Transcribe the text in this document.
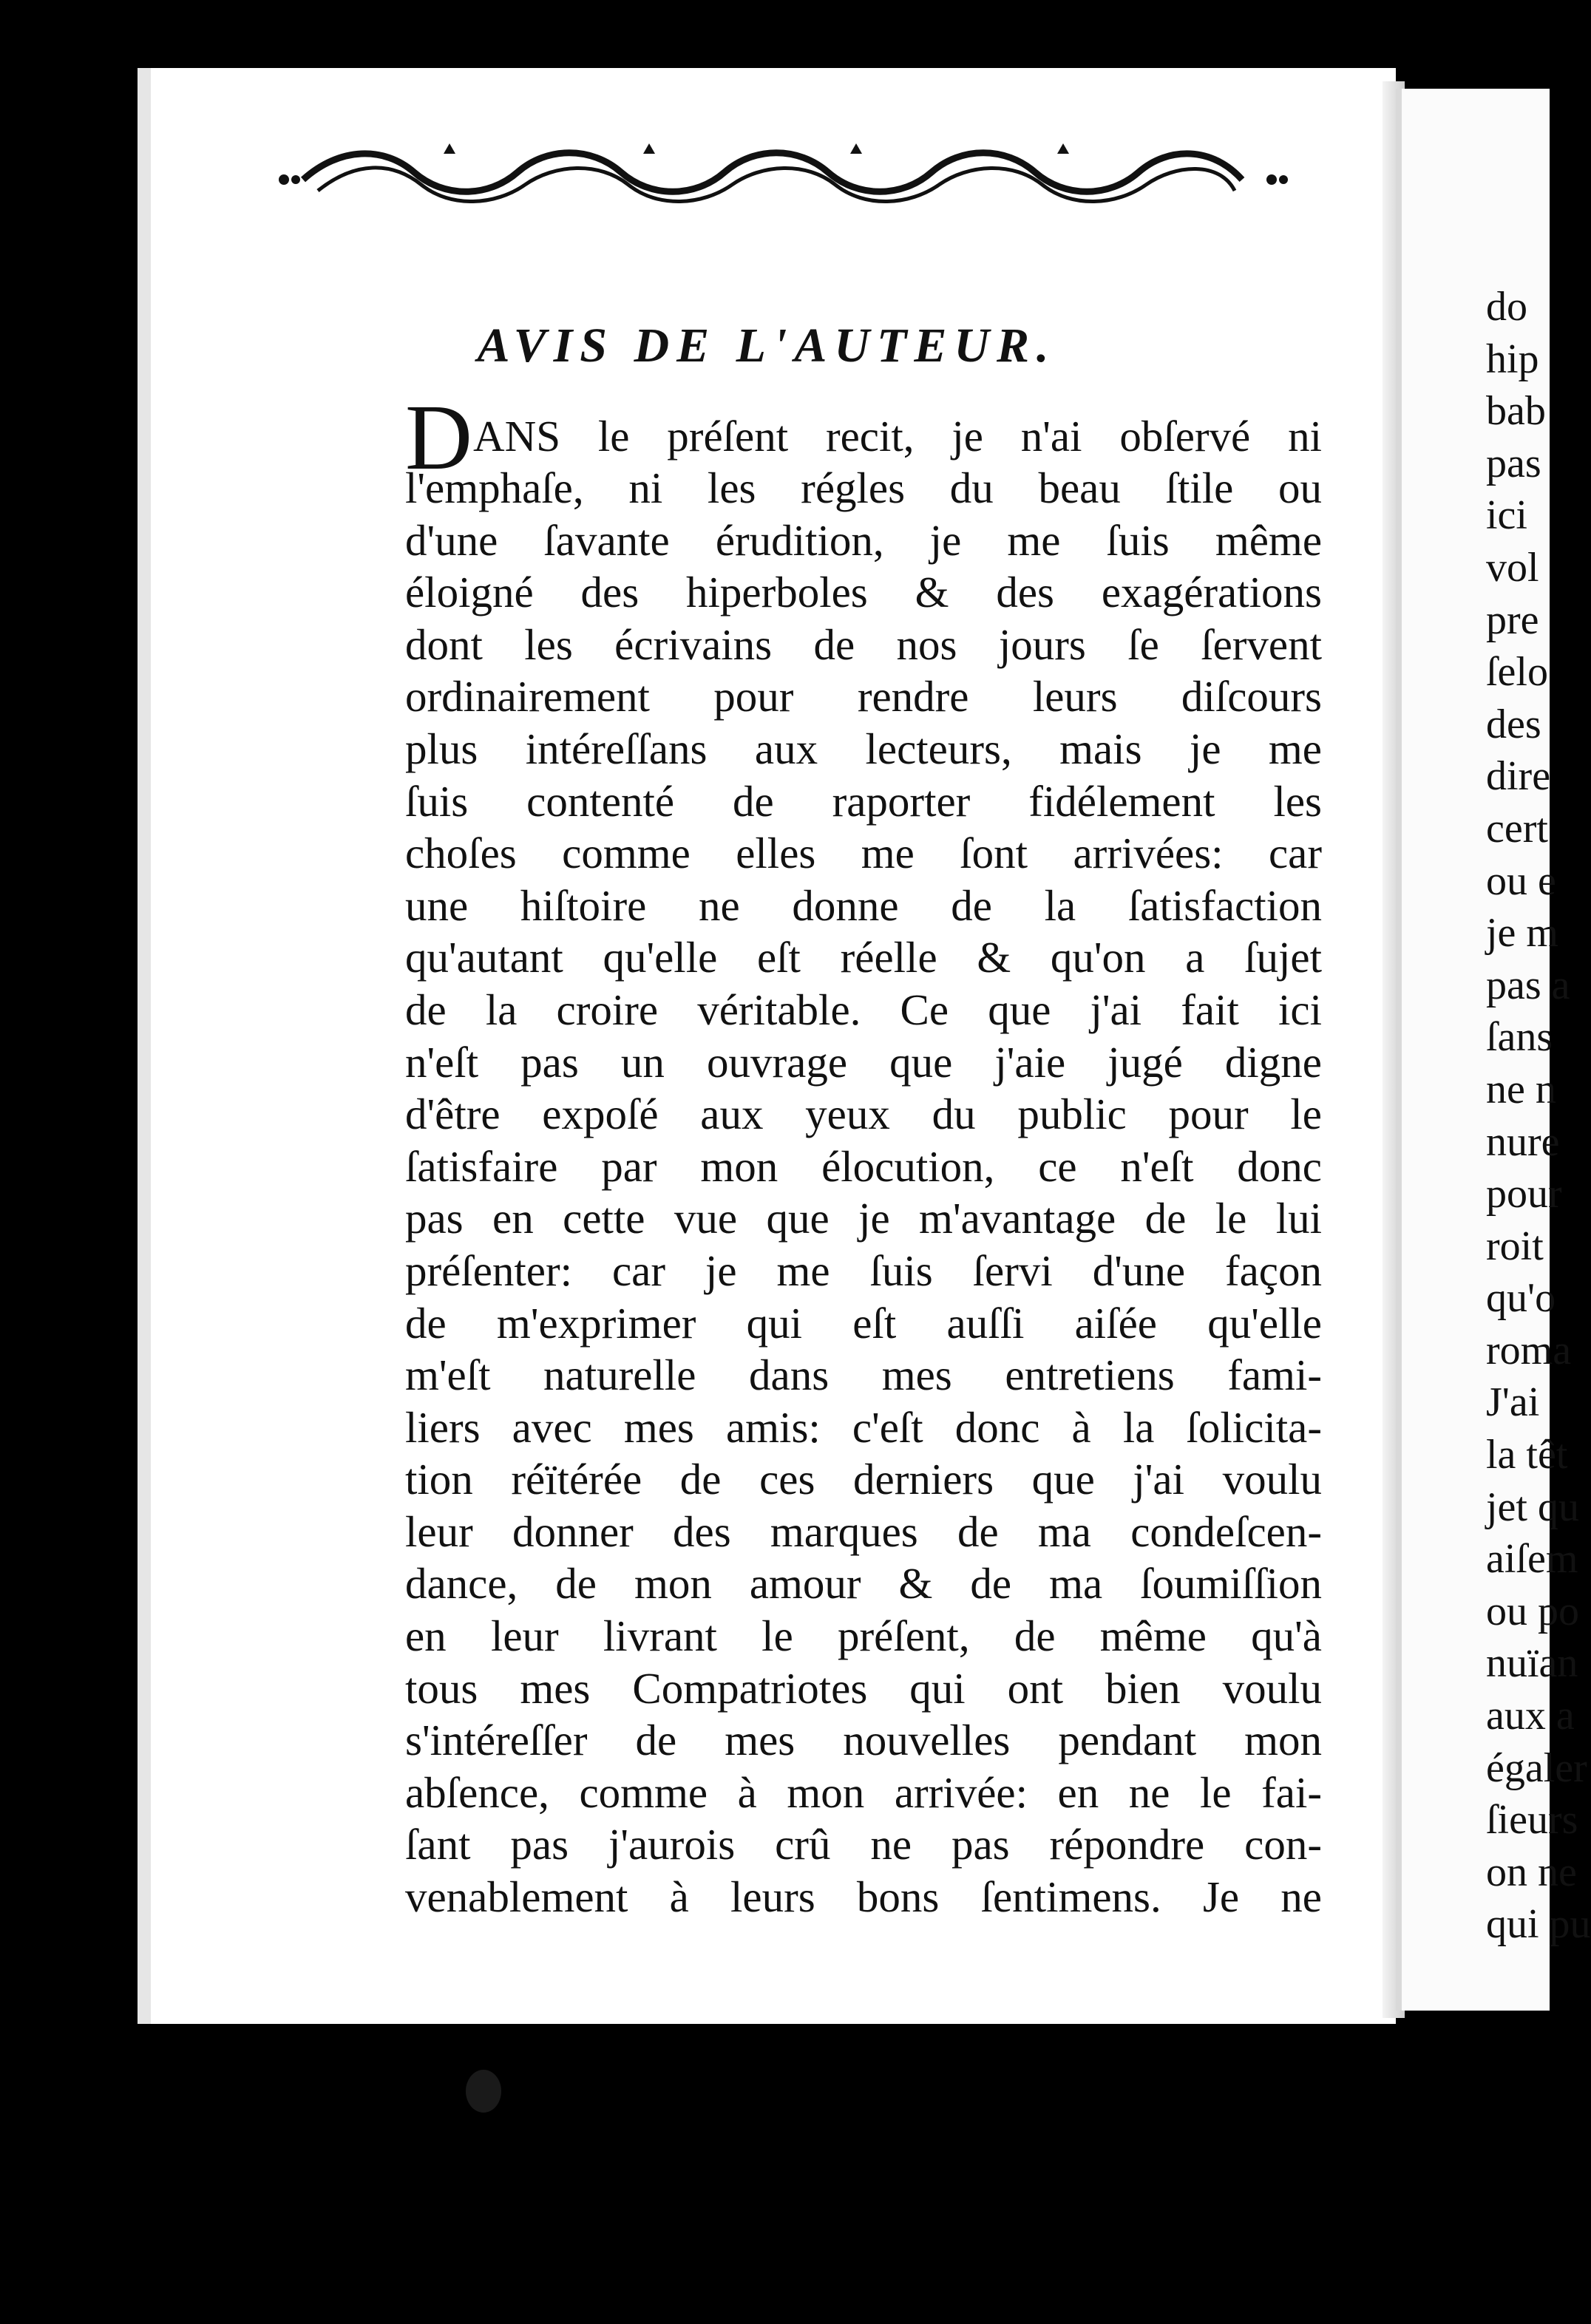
AVIS DE L'AUTEUR.
D ANS le préſent recit, je n'ai obſervé ni
l'emphaſe, ni les régles du beau ſtile ou
d'une ſavante érudition, je me ſuis même
éloigné des hiperboles & des exagérations
dont les écrivains de nos jours ſe ſervent
ordinairement pour rendre leurs diſcours
plus intéreſſans aux lecteurs, mais je me
ſuis contenté de raporter fidélement les
choſes comme elles me ſont arrivées: car
une hiſtoire ne donne de la ſatisfaction
qu'autant qu'elle eſt réelle & qu'on a ſujet
de la croire véritable. Ce que j'ai fait ici
n'eſt pas un ouvrage que j'aie jugé digne
d'être expoſé aux yeux du public pour le
ſatisfaire par mon élocution, ce n'eſt donc
pas en cette vue que je m'avantage de le lui
préſenter: car je me ſuis ſervi d'une façon
de m'exprimer qui eſt auſſi aiſée qu'elle
m'eſt naturelle dans mes entretiens fami-
liers avec mes amis: c'eſt donc à la ſolicita-
tion réïtérée de ces derniers que j'ai voulu
leur donner des marques de ma condeſcen-
dance, de mon amour & de ma ſoumiſſion
en leur livrant le préſent, de même qu'à
tous mes Compatriotes qui ont bien voulu
s'intéreſſer de mes nouvelles pendant mon
abſence, comme à mon arrivée: en ne le fai-
ſant pas j'aurois crû ne pas répondre con-
venablement à leurs bons ſentimens. Je ne
do
hip
bab
pas
ici
vol
pre
ſelo
des
dire
cert
ou e
je m
pas a
ſans
ne n
nure
pour
roit
qu'o
roma
J'ai
la têt
jet qu
aiſem
ou po
nuïan
aux a
égaler
ſieurs
on ne
qui pu
